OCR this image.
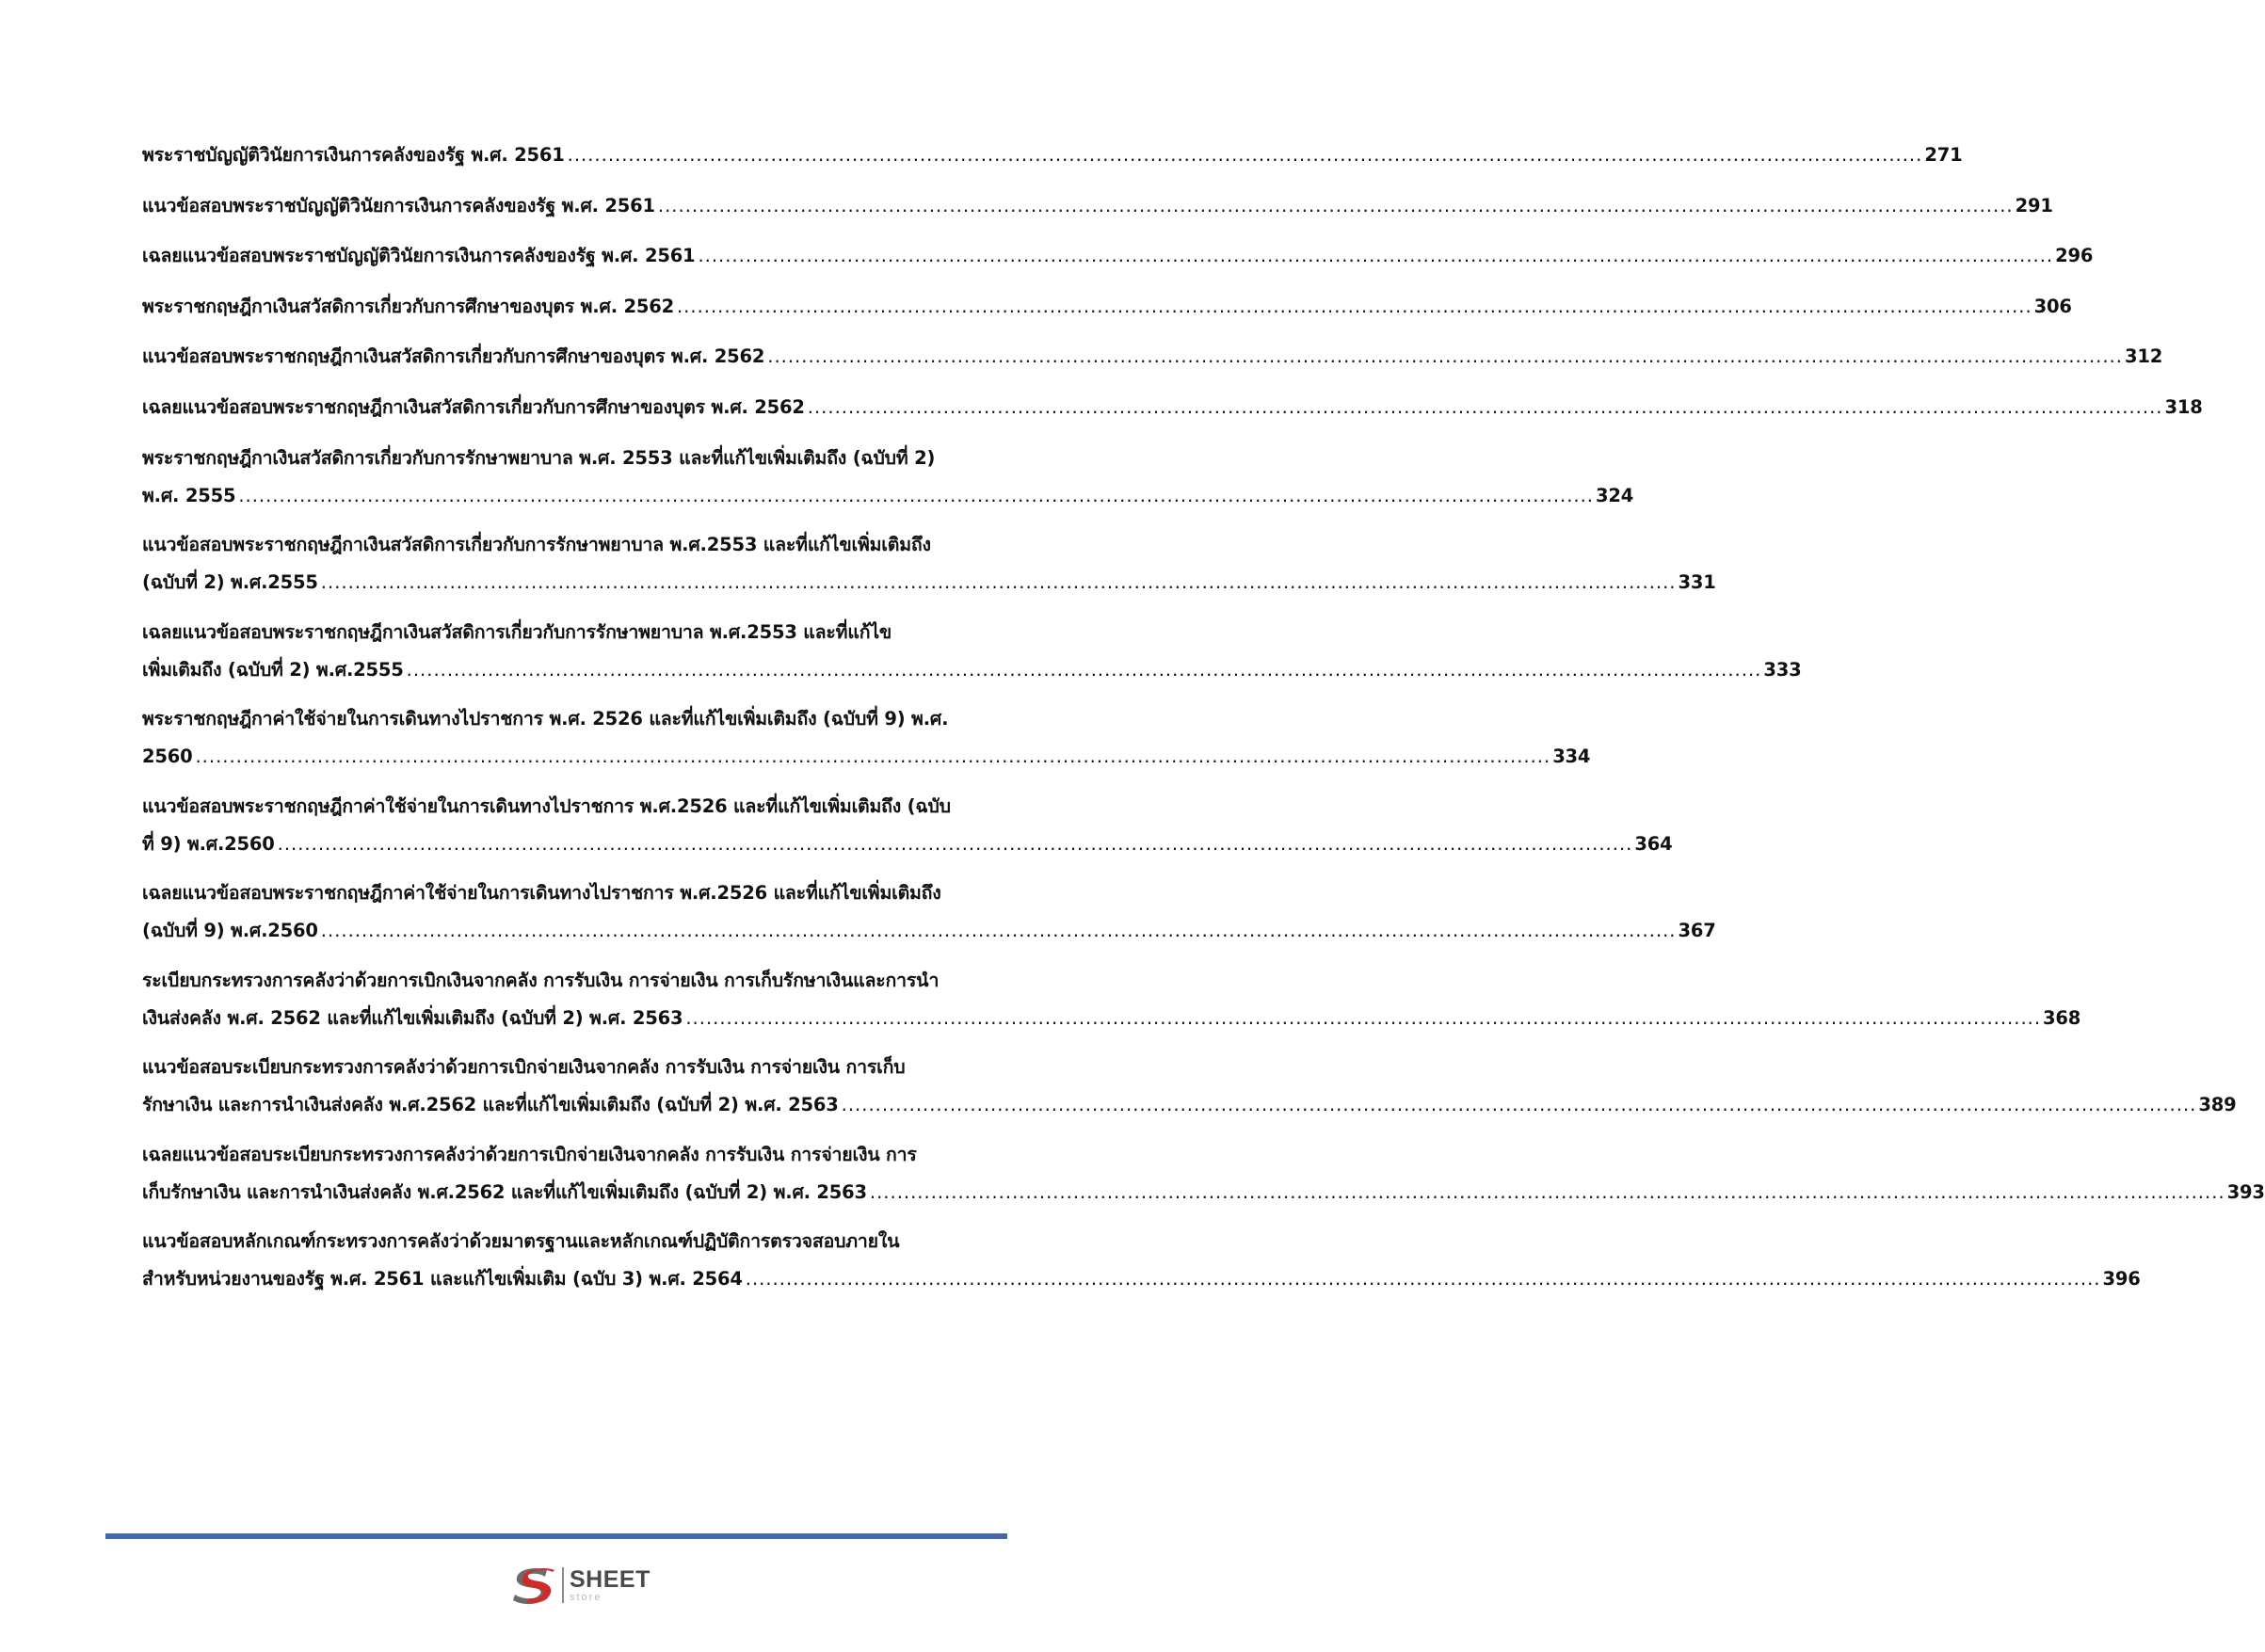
พระราชบัญญัติวินัยการเงินการคลังของรัฐ พ.ศ. 2561 ........................................................................................................................................................................................................ 271
แนวข้อสอบพระราชบัญญัติวินัยการเงินการคลังของรัฐ พ.ศ. 2561 ........................................................................................................................................................................................................ 291
เฉลยแนวข้อสอบพระราชบัญญัติวินัยการเงินการคลังของรัฐ พ.ศ. 2561 ........................................................................................................................................................................................................ 296
พระราชกฤษฎีกาเงินสวัสดิการเกี่ยวกับการศึกษาของบุตร พ.ศ. 2562 ........................................................................................................................................................................................................ 306
แนวข้อสอบพระราชกฤษฎีกาเงินสวัสดิการเกี่ยวกับการศึกษาของบุตร พ.ศ. 2562 ........................................................................................................................................................................................................ 312
เฉลยแนวข้อสอบพระราชกฤษฎีกาเงินสวัสดิการเกี่ยวกับการศึกษาของบุตร พ.ศ. 2562 ........................................................................................................................................................................................................ 318
พระราชกฤษฎีกาเงินสวัสดิการเกี่ยวกับการรักษาพยาบาล พ.ศ. 2553 และที่แก้ไขเพิ่มเติมถึง (ฉบับที่ 2)
พ.ศ. 2555 ........................................................................................................................................................................................................ 324
แนวข้อสอบพระราชกฤษฎีกาเงินสวัสดิการเกี่ยวกับการรักษาพยาบาล พ.ศ.2553 และที่แก้ไขเพิ่มเติมถึง
(ฉบับที่ 2) พ.ศ.2555 ........................................................................................................................................................................................................ 331
เฉลยแนวข้อสอบพระราชกฤษฎีกาเงินสวัสดิการเกี่ยวกับการรักษาพยาบาล พ.ศ.2553 และที่แก้ไข
เพิ่มเติมถึง (ฉบับที่ 2) พ.ศ.2555 ........................................................................................................................................................................................................ 333
พระราชกฤษฎีกาค่าใช้จ่ายในการเดินทางไปราชการ พ.ศ. 2526 และที่แก้ไขเพิ่มเติมถึง (ฉบับที่ 9) พ.ศ.
2560 ........................................................................................................................................................................................................ 334
แนวข้อสอบพระราชกฤษฎีกาค่าใช้จ่ายในการเดินทางไปราชการ พ.ศ.2526 และที่แก้ไขเพิ่มเติมถึง (ฉบับ
ที่ 9) พ.ศ.2560 ........................................................................................................................................................................................................ 364
เฉลยแนวข้อสอบพระราชกฤษฎีกาค่าใช้จ่ายในการเดินทางไปราชการ พ.ศ.2526 และที่แก้ไขเพิ่มเติมถึง
(ฉบับที่ 9) พ.ศ.2560 ........................................................................................................................................................................................................ 367
ระเบียบกระทรวงการคลังว่าด้วยการเบิกเงินจากคลัง การรับเงิน การจ่ายเงิน การเก็บรักษาเงินและการนำ
เงินส่งคลัง พ.ศ. 2562 และที่แก้ไขเพิ่มเติมถึง (ฉบับที่ 2) พ.ศ. 2563 ........................................................................................................................................................................................................ 368
แนวข้อสอบระเบียบกระทรวงการคลังว่าด้วยการเบิกจ่ายเงินจากคลัง การรับเงิน การจ่ายเงิน การเก็บ
รักษาเงิน และการนำเงินส่งคลัง พ.ศ.2562 และที่แก้ไขเพิ่มเติมถึง (ฉบับที่ 2) พ.ศ. 2563 ........................................................................................................................................................................................................ 389
เฉลยแนวข้อสอบระเบียบกระทรวงการคลังว่าด้วยการเบิกจ่ายเงินจากคลัง การรับเงิน การจ่ายเงิน การ
เก็บรักษาเงิน และการนำเงินส่งคลัง พ.ศ.2562 และที่แก้ไขเพิ่มเติมถึง (ฉบับที่ 2) พ.ศ. 2563 ........................................................................................................................................................................................................ 393
แนวข้อสอบหลักเกณฑ์กระทรวงการคลังว่าด้วยมาตรฐานและหลักเกณฑ์ปฏิบัติการตรวจสอบภายใน
สำหรับหน่วยงานของรัฐ พ.ศ. 2561 และแก้ไขเพิ่มเติม (ฉบับ 3) พ.ศ. 2564 ........................................................................................................................................................................................................ 396
SHEET
store
